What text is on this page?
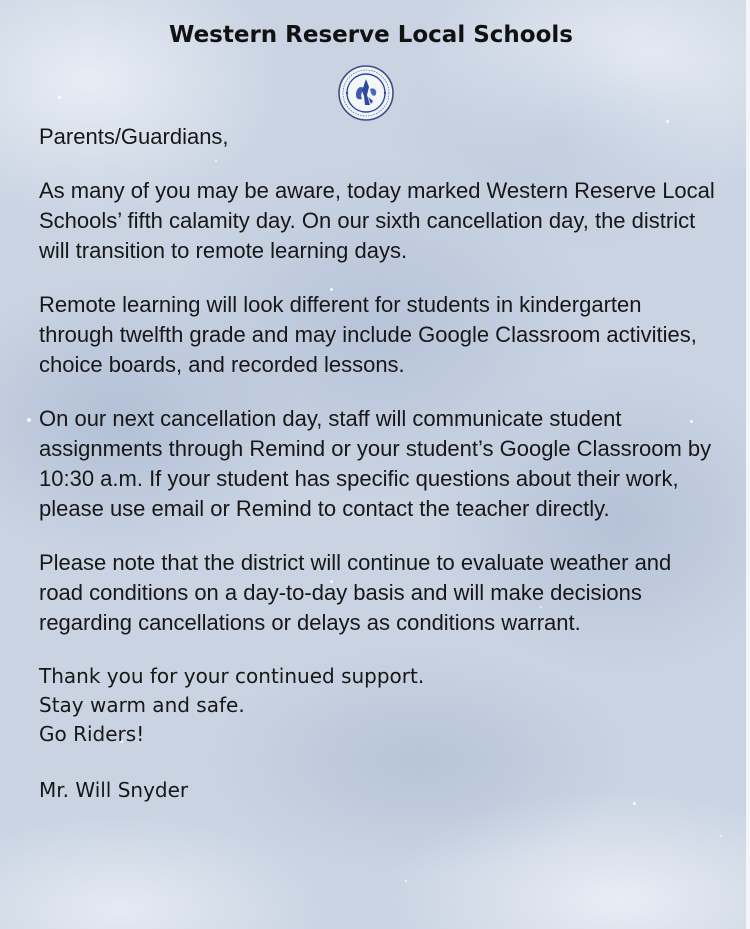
Western Reserve Local Schools

Parents/Guardians,

As many of you may be aware, today marked Western Reserve Local Schools’ fifth calamity day. On our sixth cancellation day, the district will transition to remote learning days.

Remote learning will look different for students in kindergarten through twelfth grade and may include Google Classroom activities, choice boards, and recorded lessons.

On our next cancellation day, staff will communicate student assignments through Remind or your student’s Google Classroom by 10:30 a.m. If your student has specific questions about their work, please use email or Remind to contact the teacher directly.

Please note that the district will continue to evaluate weather and road conditions on a day-to-day basis and will make decisions regarding cancellations or delays as conditions warrant.

Thank you for your continued support.
Stay warm and safe.
Go Riders!
Mr. Will Snyder
